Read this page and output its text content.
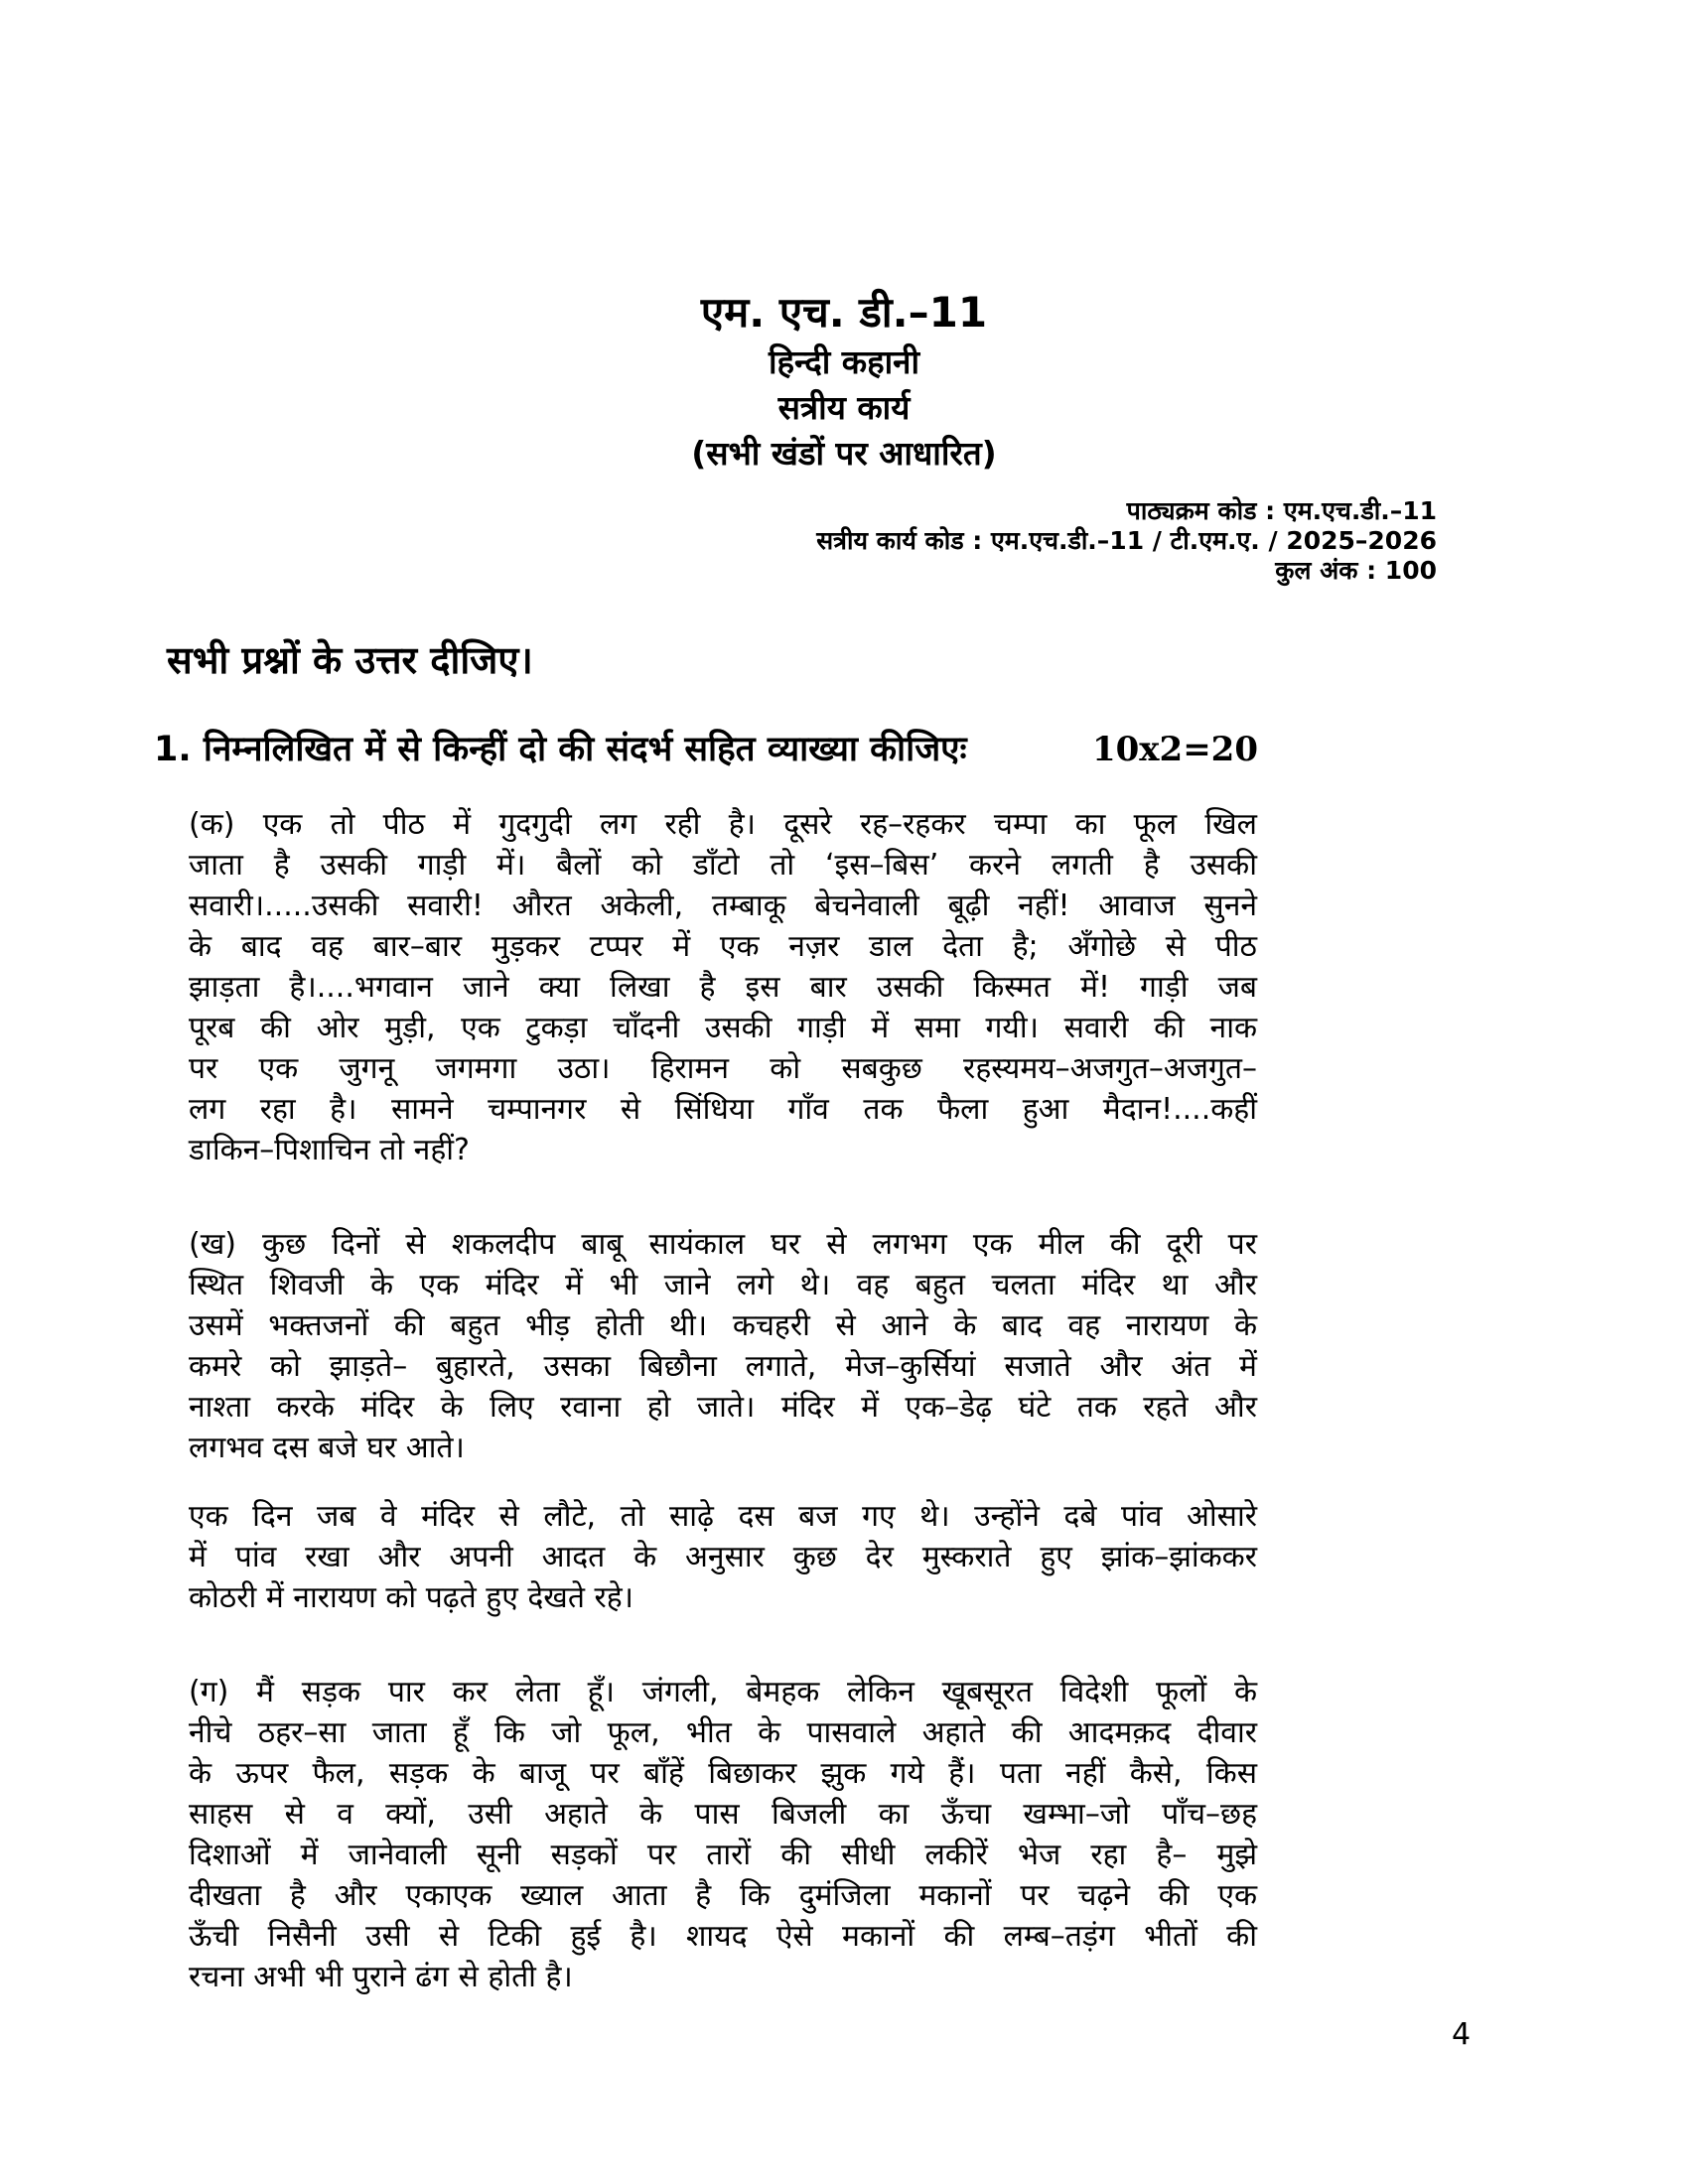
एम. एच. डी.–11
हिन्दी कहानी
सत्रीय कार्य
(सभी खंडों पर आधारित)
पाठ्यक्रम कोड : एम.एच.डी.–11
सत्रीय कार्य कोड : एम.एच.डी.–11 / टी.एम.ए. / 2025–2026
कुल अंक : 100
सभी प्रश्नों के उत्तर दीजिए।
1. निम्नलिखित में से किन्हीं दो की संदर्भ सहित व्याख्या कीजिएः	10x2=20
(क) एक तो पीठ में गुदगुदी लग रही है। दूसरे रह–रहकर चम्पा का फूल खिल
जाता है उसकी गाड़ी में। बैलों को डाँटो तो ‘इस–बिस’ करने लगती है उसकी
सवारी।.....उसकी सवारी! औरत अकेली, तम्बाकू बेचनेवाली बूढ़ी नहीं! आवाज सुनने
के बाद वह बार–बार मुड़कर टप्पर में एक नज़र डाल देता है; अँगोछे से पीठ
झाड़ता है।....भगवान जाने क्या लिखा है इस बार उसकी किस्मत में! गाड़ी जब
पूरब की ओर मुड़ी, एक टुकड़ा चाँदनी उसकी गाड़ी में समा गयी। सवारी की नाक
पर एक जुगनू जगमगा उठा। हिरामन को सबकुछ रहस्यमय–अजगुत–अजगुत–
लग रहा है। सामने चम्पानगर से सिंधिया गाँव तक फैला हुआ मैदान!....कहीं
डाकिन–पिशाचिन तो नहीं?
(ख) कुछ दिनों से शकलदीप बाबू सायंकाल घर से लगभग एक मील की दूरी पर
स्थित शिवजी के एक मंदिर में भी जाने लगे थे। वह बहुत चलता मंदिर था और
उसमें भक्तजनों की बहुत भीड़ होती थी। कचहरी से आने के बाद वह नारायण के
कमरे को झाड़ते– बुहारते, उसका बिछौना लगाते, मेज–कुर्सियां सजाते और अंत में
नाश्ता करके मंदिर के लिए रवाना हो जाते। मंदिर में एक–डेढ़ घंटे तक रहते और
लगभव दस बजे घर आते।
एक दिन जब वे मंदिर से लौटे, तो साढ़े दस बज गए थे। उन्होंने दबे पांव ओसारे
में पांव रखा और अपनी आदत के अनुसार कुछ देर मुस्कराते हुए झांक–झांककर
कोठरी में नारायण को पढ़ते हुए देखते रहे।
(ग) मैं सड़क पार कर लेता हूँ। जंगली, बेमहक लेकिन खूबसूरत विदेशी फूलों के
नीचे ठहर–सा जाता हूँ कि जो फूल, भीत के पासवाले अहाते की आदमक़द दीवार
के ऊपर फैल, सड़क के बाजू पर बाँहें बिछाकर झुक गये हैं। पता नहीं कैसे, किस
साहस से व क्यों, उसी अहाते के पास बिजली का ऊँचा खम्भा–जो पाँच–छह
दिशाओं में जानेवाली सूनी सड़कों पर तारों की सीधी लकीरें भेज रहा है– मुझे
दीखता है और एकाएक ख्याल आता है कि दुमंजिला मकानों पर चढ़ने की एक
ऊँची निसैनी उसी से टिकी हुई है। शायद ऐसे मकानों की लम्ब–तड़ंग भीतों की
रचना अभी भी पुराने ढंग से होती है।
4
